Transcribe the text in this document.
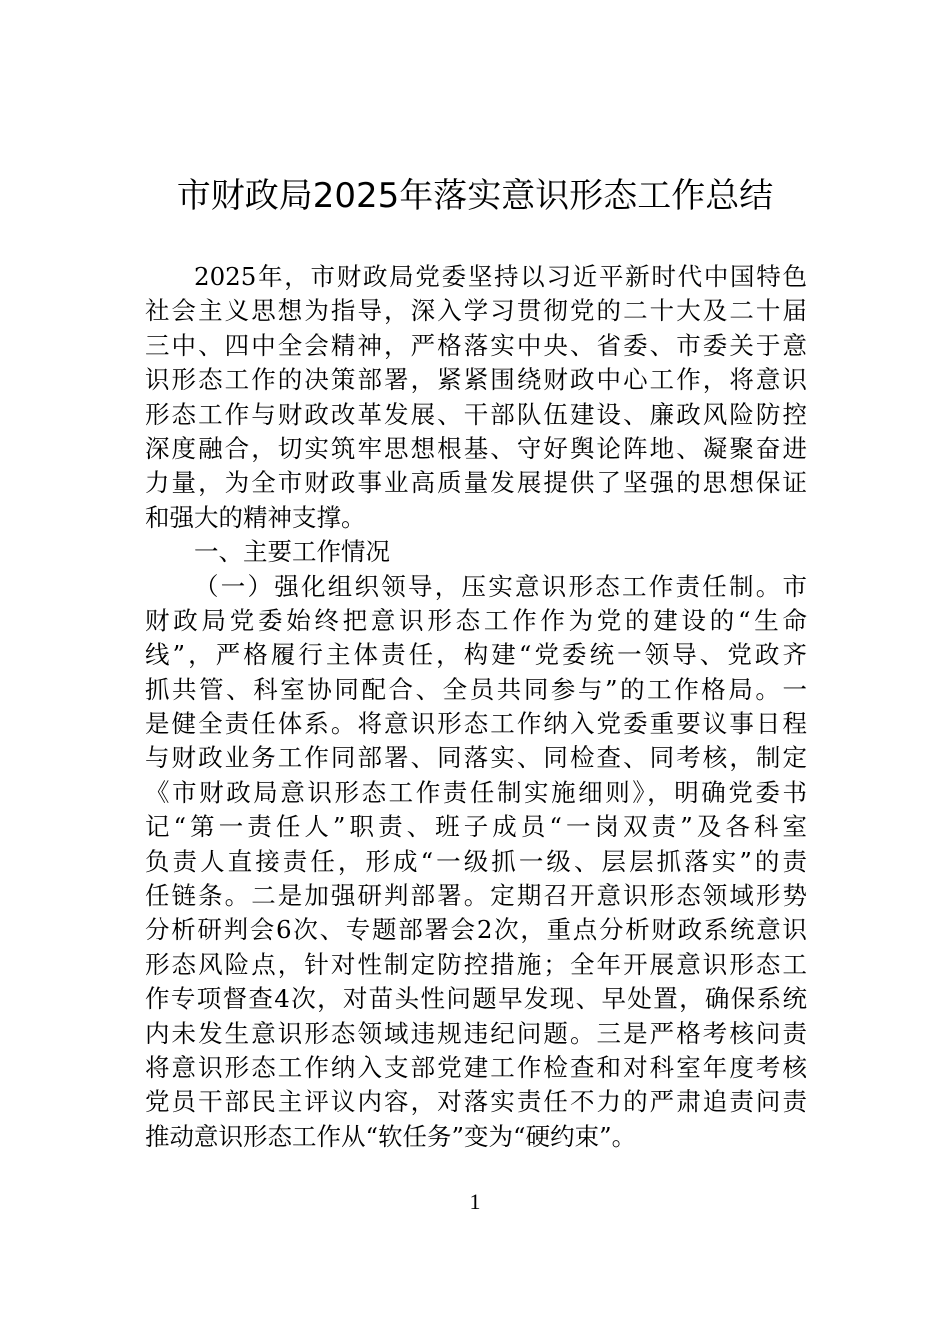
市财政局2025年落实意识形态工作总结
2025年，市财政局党委坚持以习近平新时代中国特色
社会主义思想为指导，深入学习贯彻党的二十大及二十届
三中、四中全会精神，严格落实中央、省委、市委关于意
识形态工作的决策部署，紧紧围绕财政中心工作，将意识
形态工作与财政改革发展、干部队伍建设、廉政风险防控
深度融合，切实筑牢思想根基、守好舆论阵地、凝聚奋进
力量，为全市财政事业高质量发展提供了坚强的思想保证
和强大的精神支撑。
一、主要工作情况
（一）强化组织领导，压实意识形态工作责任制。市
财政局党委始终把意识形态工作作为党的建设的“生命
线”，严格履行主体责任，构建“党委统一领导、党政齐
抓共管、科室协同配合、全员共同参与”的工作格局。一
是健全责任体系。将意识形态工作纳入党委重要议事日程
与财政业务工作同部署、同落实、同检查、同考核，制定
《市财政局意识形态工作责任制实施细则》，明确党委书
记“第一责任人”职责、班子成员“一岗双责”及各科室
负责人直接责任，形成“一级抓一级、层层抓落实”的责
任链条。二是加强研判部署。定期召开意识形态领域形势
分析研判会6次、专题部署会2次，重点分析财政系统意识
形态风险点，针对性制定防控措施；全年开展意识形态工
作专项督查4次，对苗头性问题早发现、早处置，确保系统
内未发生意识形态领域违规违纪问题。三是严格考核问责
将意识形态工作纳入支部党建工作检查和对科室年度考核
党员干部民主评议内容，对落实责任不力的严肃追责问责
推动意识形态工作从“软任务”变为“硬约束”。
1
